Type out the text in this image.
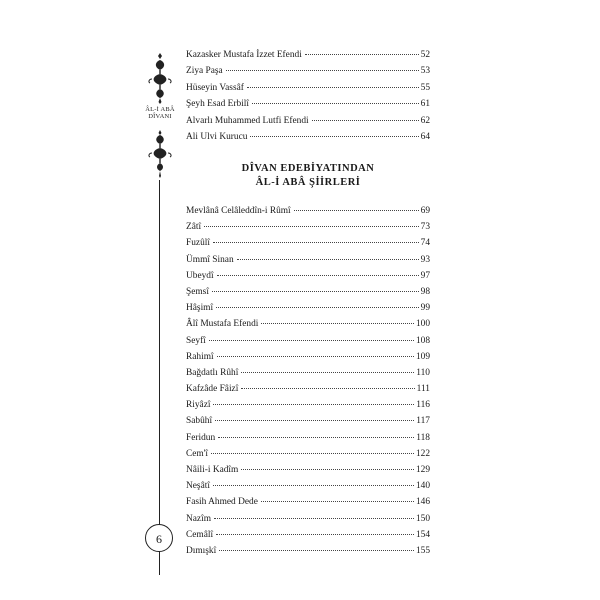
ÂL-İ ABÂ
DÎVANI
6
Kazasker Mustafa İzzet Efendi	52
Ziya Paşa	53
Hüseyin Vassâf	55
Şeyh Esad Erbilî	61
Alvarlı Muhammed Lutfi Efendi	62
Ali Ulvi Kurucu	64
DÎVAN EDEBİYATINDAN
ÂL-İ ABÂ ŞİİRLERİ
Mevlânâ Celâleddîn-i Rûmî	69
Zâtî	73
Fuzûlî	74
Ümmî Sinan	93
Ubeydî	97
Şemsî	98
Hâşimî	99
Âlî Mustafa Efendi	100
Seyfî	108
Rahimî	109
Bağdatlı Rûhî	110
Kafzâde Fâizî	111
Riyâzî	116
Sabûhî	117
Feridun	118
Cem'î	122
Nâili-i Kadîm	129
Neşâtî	140
Fasih Ahmed Dede	146
Nazîm	150
Cemâlî	154
Dımışkî	155
